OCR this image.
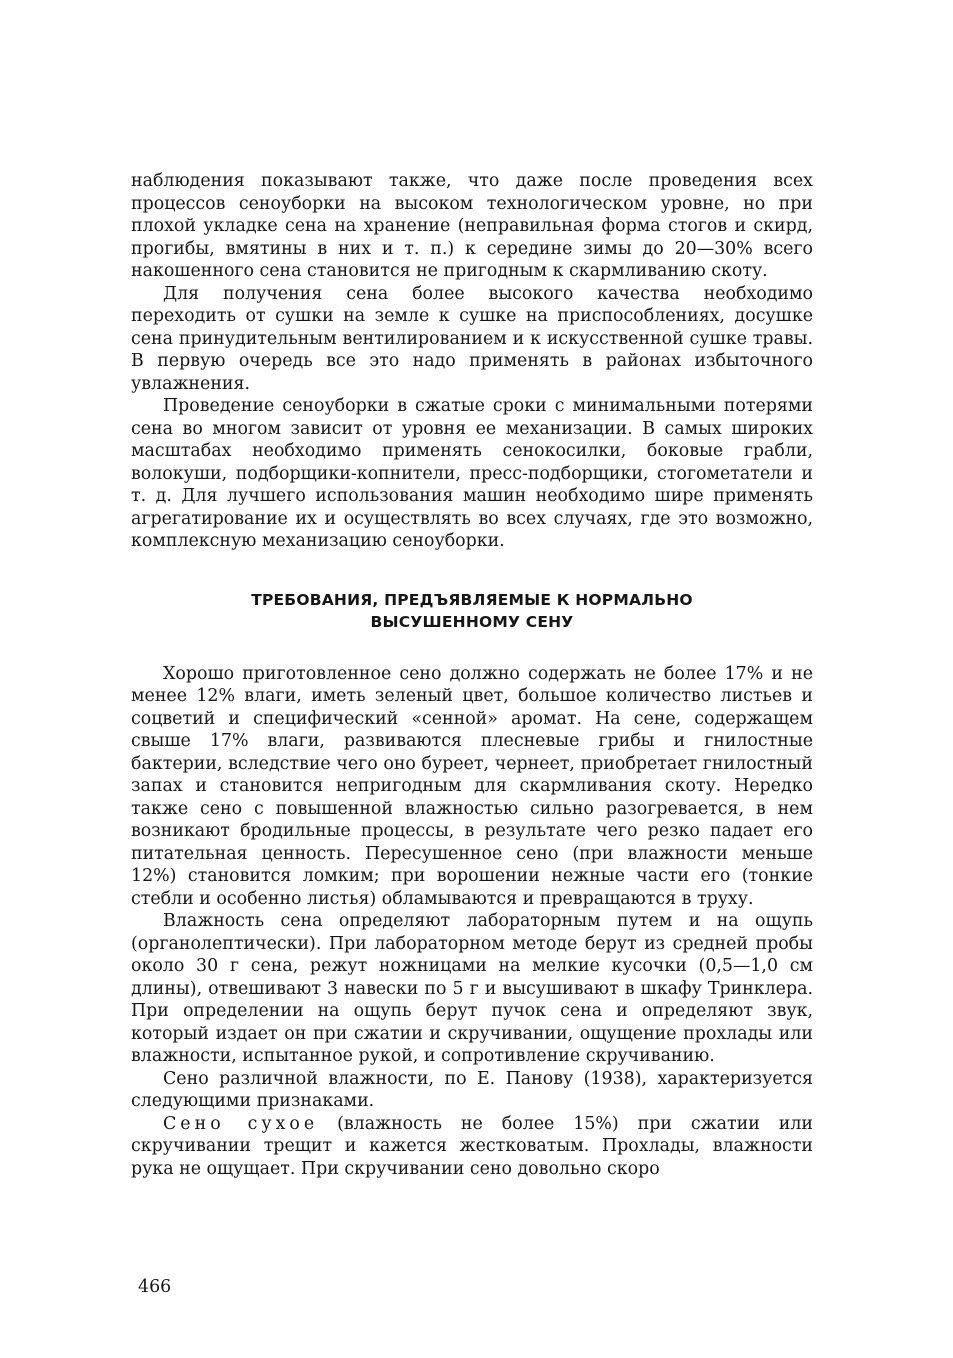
наблюдения показывают также, что даже после проведения всех процессов сеноуборки на высоком технологическом уровне, но при плохой укладке сена на хранение (неправильная форма стогов и скирд, прогибы, вмятины в них и т. п.) к середине зимы до 20—30% всего накошенного сена становится не пригодным к скармливанию скоту.

Для получения сена более высокого качества необходимо переходить от сушки на земле к сушке на приспособлениях, досушке сена принудительным вентилированием и к искусственной сушке травы. В первую очередь все это надо применять в районах избыточного увлажнения.

Проведение сеноуборки в сжатые сроки с минимальными потерями сена во многом зависит от уровня ее механизации. В самых широких масштабах необходимо применять сенокосилки, боковые грабли, волокуши, подборщики-копнители, пресс-подборщики, стогометатели и т. д. Для лучшего использования машин необходимо шире применять агрегатирование их и осуществлять во всех случаях, где это возможно, комплексную механизацию сеноуборки.

ТРЕБОВАНИЯ, ПРЕДЪЯВЛЯЕМЫЕ К НОРМАЛЬНО
ВЫСУШЕННОМУ СЕНУ

Хорошо приготовленное сено должно содержать не более 17% и не менее 12% влаги, иметь зеленый цвет, большое количество листьев и соцветий и специфический «сенной» аромат. На сене, содержащем свыше 17% влаги, развиваются плесневые грибы и гнилостные бактерии, вследствие чего оно буреет, чернеет, приобретает гнилостный запах и становится непригодным для скармливания скоту. Нередко также сено с повышенной влажностью сильно разогревается, в нем возникают бродильные процессы, в результате чего резко падает его питательная ценность. Пересушенное сено (при влажности меньше 12%) становится ломким; при ворошении нежные части его (тонкие стебли и особенно листья) обламываются и превращаются в труху.

Влажность сена определяют лабораторным путем и на ощупь (органолептически). При лабораторном методе берут из средней пробы около 30 г сена, режут ножницами на мелкие кусочки (0,5—1,0 см длины), отвешивают 3 навески по 5 г и высушивают в шкафу Тринклера. При определении на ощупь берут пучок сена и определяют звук, который издает он при сжатии и скручивании, ощущение прохлады или влажности, испытанное рукой, и сопротивление скручиванию.

Сено различной влажности, по Е. Панову (1938), характеризуется следующими признаками.

Сено сухое (влажность не более 15%) при сжатии или скручивании трещит и кажется жестковатым. Прохлады, влажности рука не ощущает. При скручивании сено довольно скоро

466
